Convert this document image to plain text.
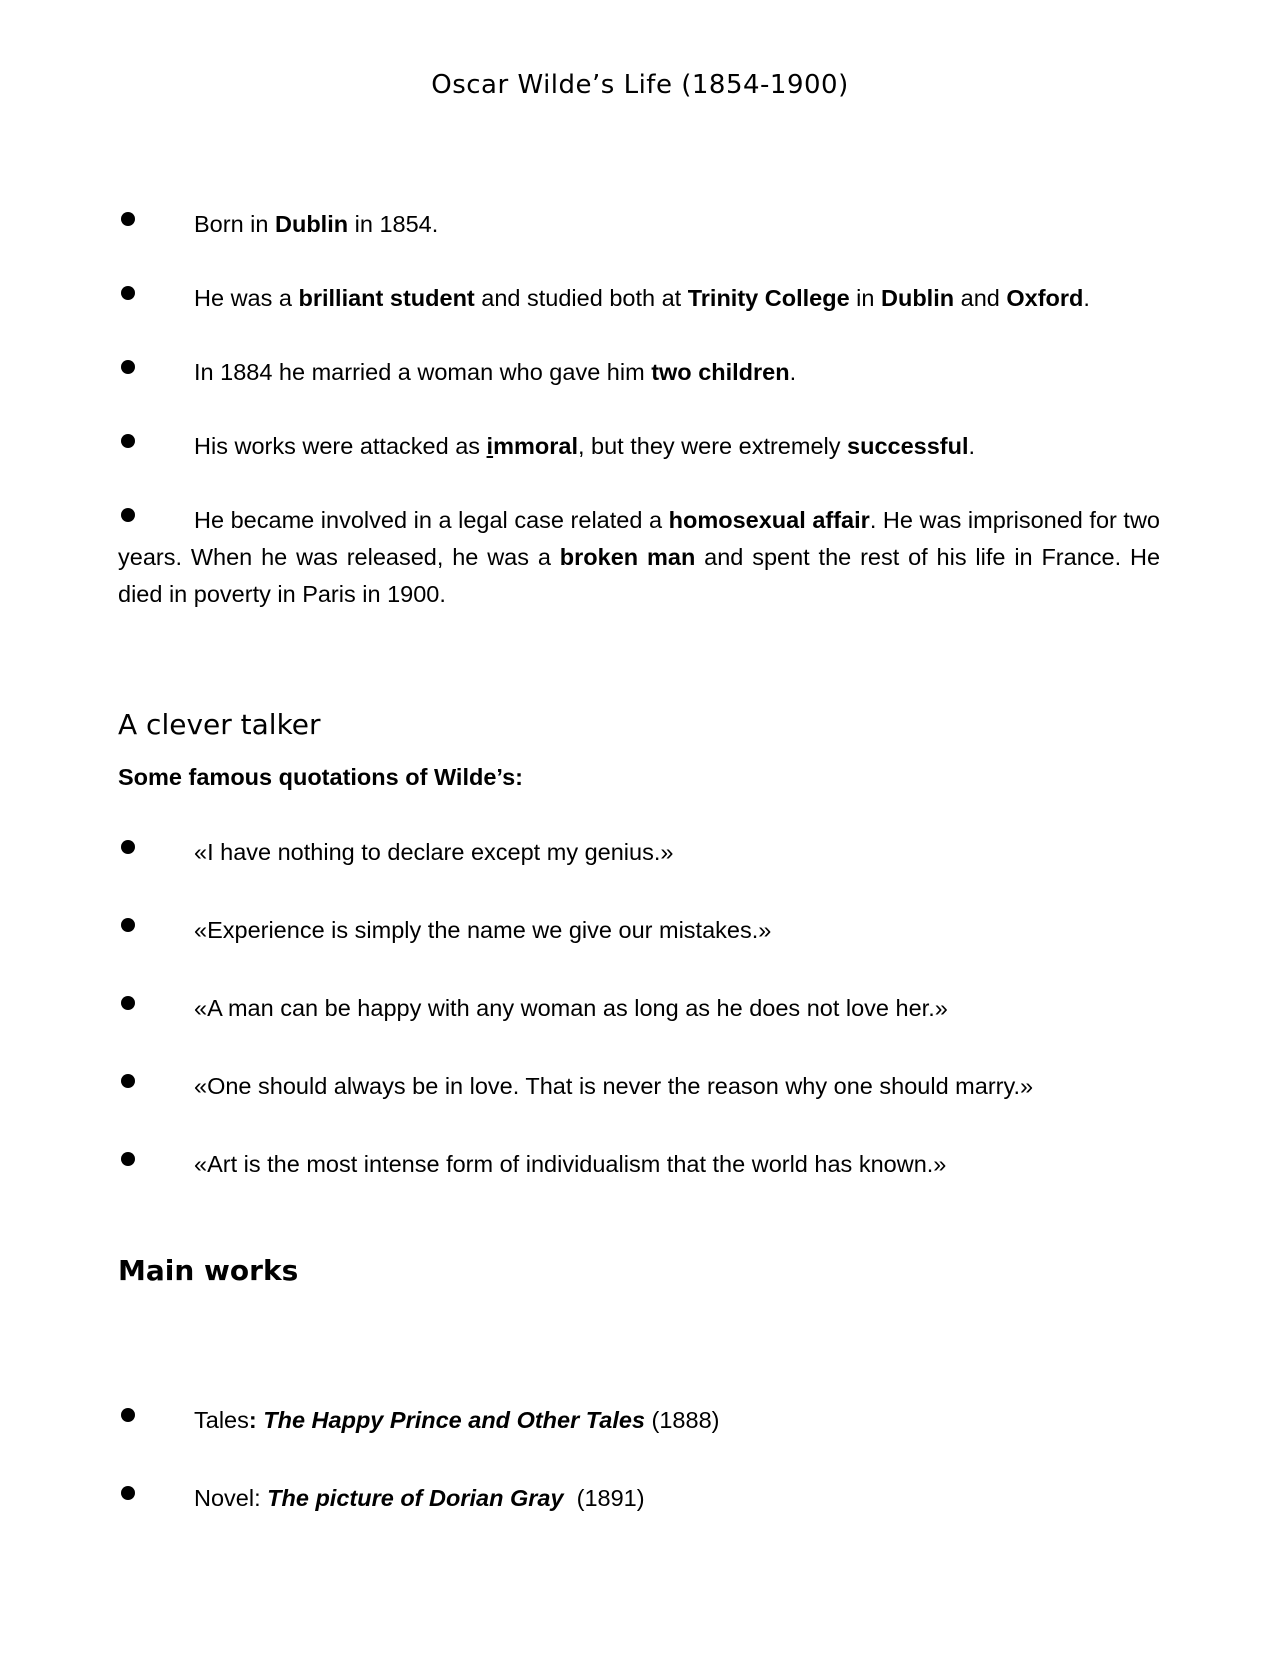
Oscar Wilde’s Life (1854-1900)
Born in Dublin in 1854.
He was a brilliant student and studied both at Trinity College in Dublin and Oxford.
In 1884 he married a woman who gave him two children.
His works were attacked as immoral, but they were extremely successful.
He became involved in a legal case related a homosexual affair. He was imprisoned for two years. When he was released, he was a broken man and spent the rest of his life in France. He died in poverty in Paris in 1900.
A clever talker
Some famous quotations of Wilde’s:
«I have nothing to declare except my genius.»
«Experience is simply the name we give our mistakes.»
«A man can be happy with any woman as long as he does not love her.»
«One should always be in love. That is never the reason why one should marry.»
«Art is the most intense form of individualism that the world has known.»
Main works
Tales: The Happy Prince and Other Tales (1888)
Novel: The picture of Dorian Gray  (1891)
